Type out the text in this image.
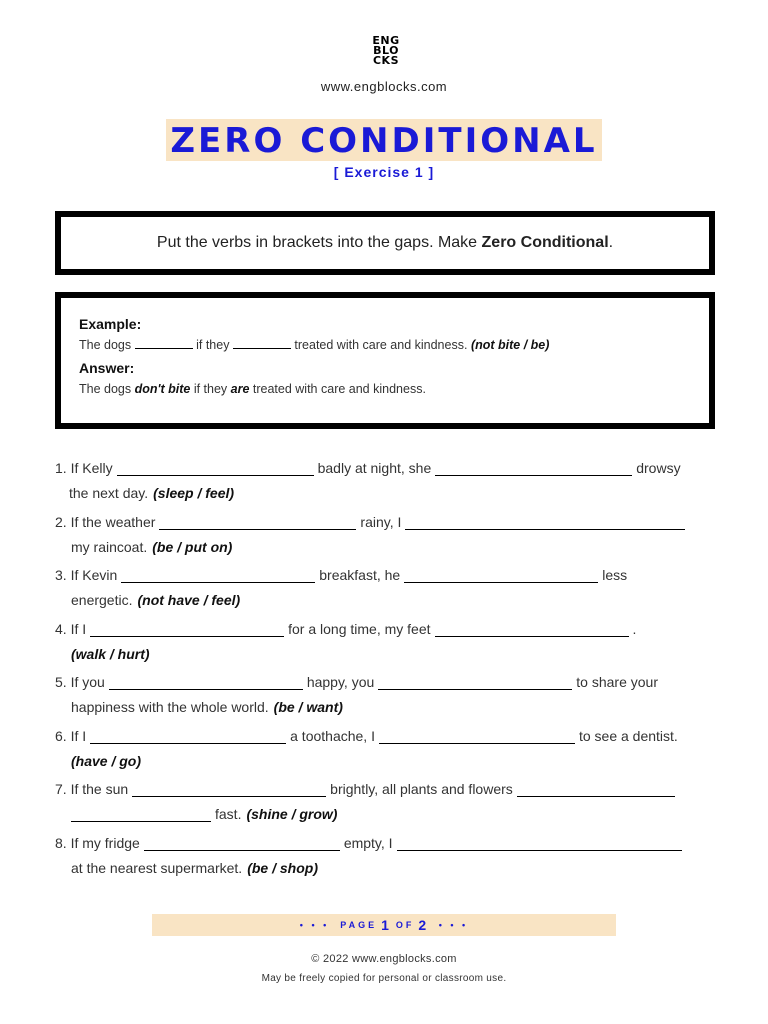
ENG
BLO
CKS
www.engblocks.com
ZERO CONDITIONAL
[ Exercise 1 ]
Put the verbs in brackets into the gaps. Make Zero Conditional .
Example:
The dogs	if they	treated with care and kindness. (not bite / be)
Answer:
The dogs don't bite if they are treated with care and kindness.
1. If Kelly	badly at night, she	drowsy
the next day. (sleep / feel)
2. If the weather	rainy, I
my raincoat. (be / put on)
3. If Kevin	breakfast, he	less
energetic. (not have / feel)
4. If I	for a long time, my feet	.
(walk / hurt)
5. If you	happy, you	to share your
happiness with the whole world. (be / want)
6. If I	a toothache, I	to see a dentist.
(have / go)
7. If the sun	brightly, all plants and flowers
fast. (shine / grow)
8. If my fridge	empty, I
at the nearest supermarket. (be / shop)
• • •
PAGE 1 OF 2
• • •
© 2022 www.engblocks.com
May be freely copied for personal or classroom use.
